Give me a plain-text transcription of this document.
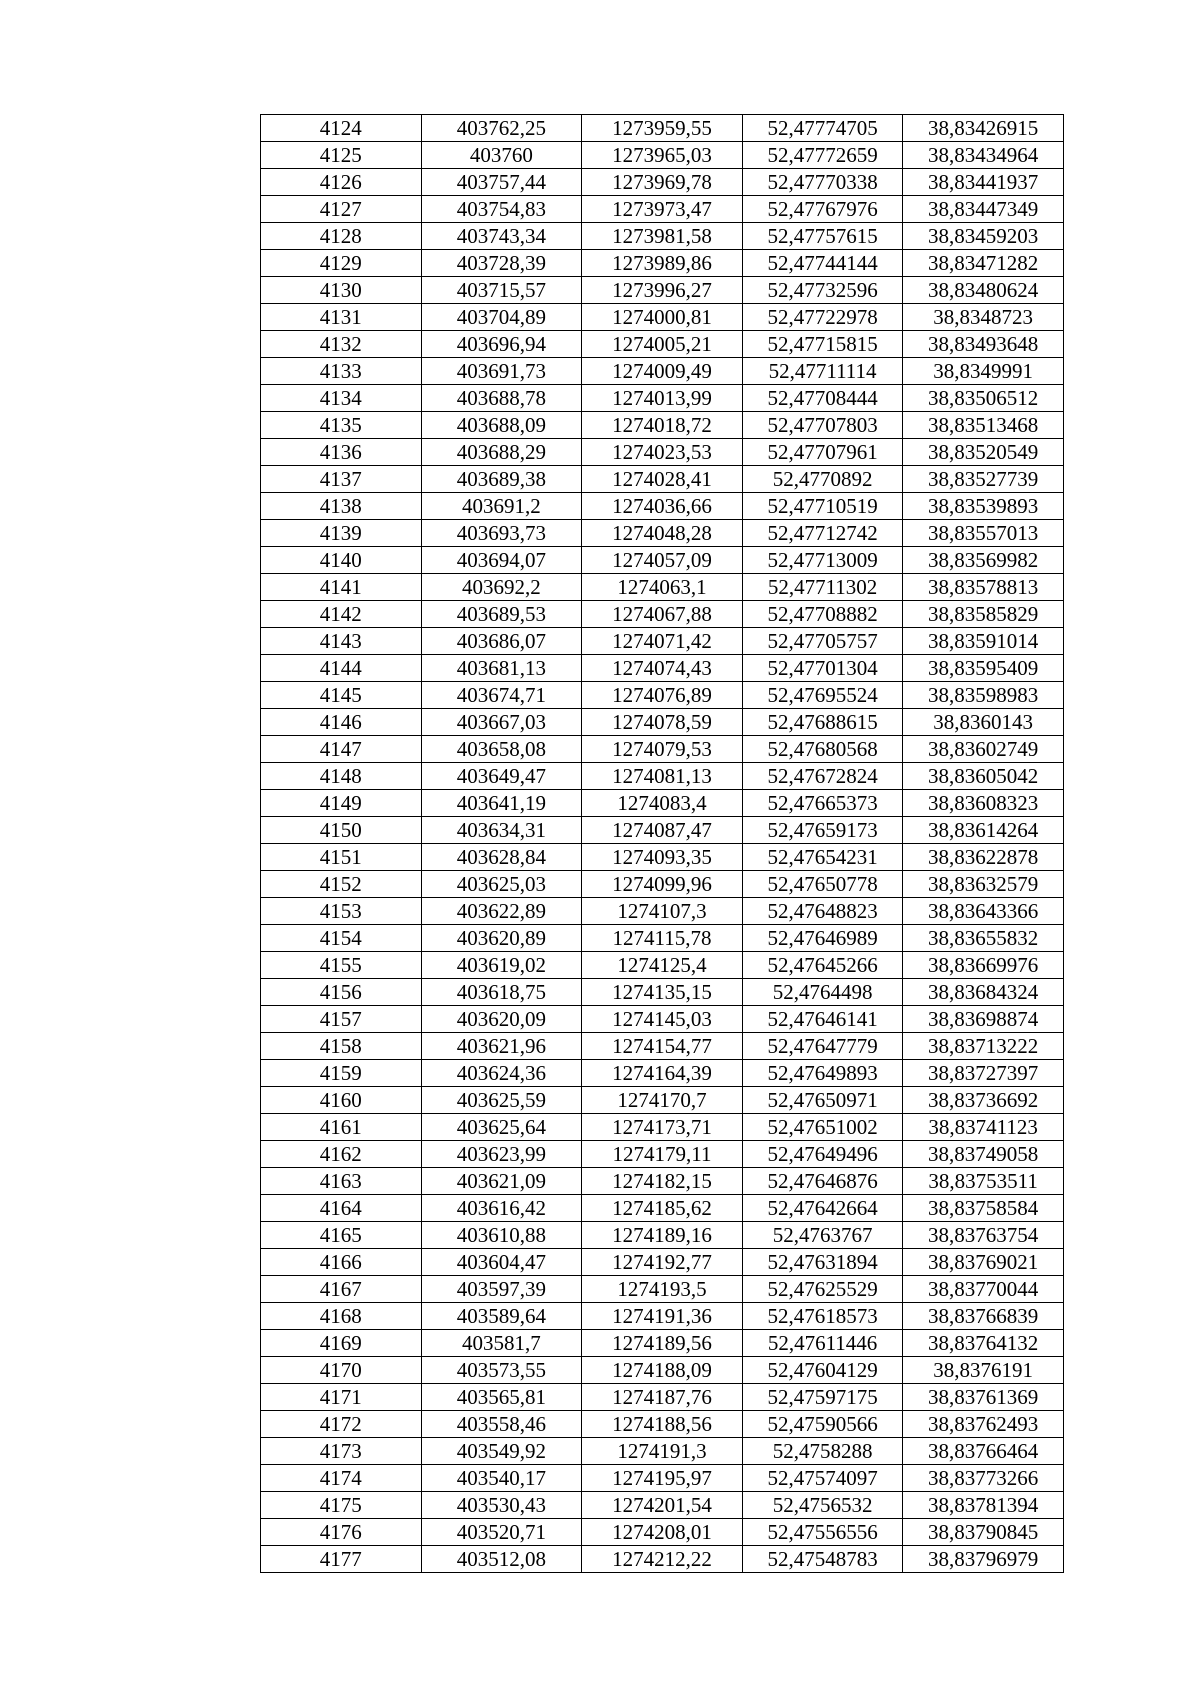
4124	403762,25	1273959,55	52,47774705	38,83426915
4125	403760	1273965,03	52,47772659	38,83434964
4126	403757,44	1273969,78	52,47770338	38,83441937
4127	403754,83	1273973,47	52,47767976	38,83447349
4128	403743,34	1273981,58	52,47757615	38,83459203
4129	403728,39	1273989,86	52,47744144	38,83471282
4130	403715,57	1273996,27	52,47732596	38,83480624
4131	403704,89	1274000,81	52,47722978	38,8348723
4132	403696,94	1274005,21	52,47715815	38,83493648
4133	403691,73	1274009,49	52,47711114	38,8349991
4134	403688,78	1274013,99	52,47708444	38,83506512
4135	403688,09	1274018,72	52,47707803	38,83513468
4136	403688,29	1274023,53	52,47707961	38,83520549
4137	403689,38	1274028,41	52,4770892	38,83527739
4138	403691,2	1274036,66	52,47710519	38,83539893
4139	403693,73	1274048,28	52,47712742	38,83557013
4140	403694,07	1274057,09	52,47713009	38,83569982
4141	403692,2	1274063,1	52,47711302	38,83578813
4142	403689,53	1274067,88	52,47708882	38,83585829
4143	403686,07	1274071,42	52,47705757	38,83591014
4144	403681,13	1274074,43	52,47701304	38,83595409
4145	403674,71	1274076,89	52,47695524	38,83598983
4146	403667,03	1274078,59	52,47688615	38,8360143
4147	403658,08	1274079,53	52,47680568	38,83602749
4148	403649,47	1274081,13	52,47672824	38,83605042
4149	403641,19	1274083,4	52,47665373	38,83608323
4150	403634,31	1274087,47	52,47659173	38,83614264
4151	403628,84	1274093,35	52,47654231	38,83622878
4152	403625,03	1274099,96	52,47650778	38,83632579
4153	403622,89	1274107,3	52,47648823	38,83643366
4154	403620,89	1274115,78	52,47646989	38,83655832
4155	403619,02	1274125,4	52,47645266	38,83669976
4156	403618,75	1274135,15	52,4764498	38,83684324
4157	403620,09	1274145,03	52,47646141	38,83698874
4158	403621,96	1274154,77	52,47647779	38,83713222
4159	403624,36	1274164,39	52,47649893	38,83727397
4160	403625,59	1274170,7	52,47650971	38,83736692
4161	403625,64	1274173,71	52,47651002	38,83741123
4162	403623,99	1274179,11	52,47649496	38,83749058
4163	403621,09	1274182,15	52,47646876	38,83753511
4164	403616,42	1274185,62	52,47642664	38,83758584
4165	403610,88	1274189,16	52,4763767	38,83763754
4166	403604,47	1274192,77	52,47631894	38,83769021
4167	403597,39	1274193,5	52,47625529	38,83770044
4168	403589,64	1274191,36	52,47618573	38,83766839
4169	403581,7	1274189,56	52,47611446	38,83764132
4170	403573,55	1274188,09	52,47604129	38,8376191
4171	403565,81	1274187,76	52,47597175	38,83761369
4172	403558,46	1274188,56	52,47590566	38,83762493
4173	403549,92	1274191,3	52,4758288	38,83766464
4174	403540,17	1274195,97	52,47574097	38,83773266
4175	403530,43	1274201,54	52,4756532	38,83781394
4176	403520,71	1274208,01	52,47556556	38,83790845
4177	403512,08	1274212,22	52,47548783	38,83796979
